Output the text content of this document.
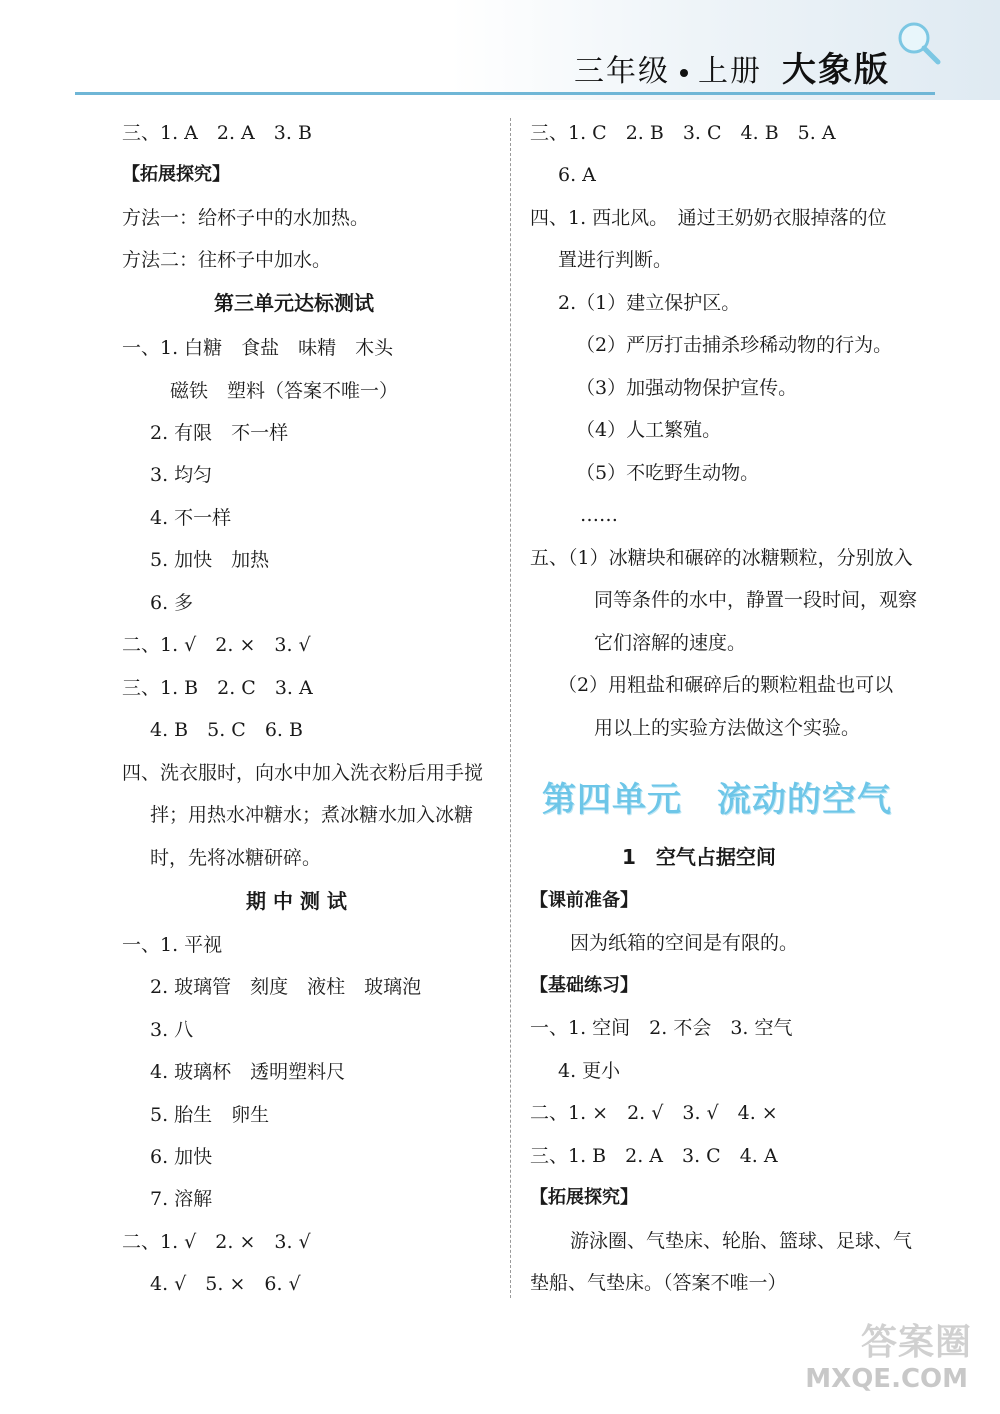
三年级 上册 大象版
三、1. A　2. A　3. B
【拓展探究】
方法一：给杯子中的水加热。
方法二：往杯子中加水。
第三单元达标测试
一、1. 白糖　食盐　味精　木头
磁铁　塑料（答案不唯一）
2. 有限　不一样
3. 均匀
4. 不一样
5. 加快　加热
6. 多
二、1. √　2. ×　3. √
三、1. B　2. C　3. A
4. B　5. C　6. B
四、洗衣服时，向水中加入洗衣粉后用手搅
拌；用热水冲糖水；煮冰糖水加入冰糖
时，先将冰糖研碎。
期 中 测 试
一、1. 平视
2. 玻璃管　刻度　液柱　玻璃泡
3. 八
4. 玻璃杯　透明塑料尺
5. 胎生　卵生
6. 加快
7. 溶解
二、1. √　2. ×　3. √
4. √　5. ×　6. √
三、1. C　2. B　3. C　4. B　5. A
6. A
四、1. 西北风。　通过王奶奶衣服掉落的位
置进行判断。
2.（1）建立保护区。
（2）严厉打击捕杀珍稀动物的行为。
（3）加强动物保护宣传。
（4）人工繁殖。
（5）不吃野生动物。
……
五、（1）冰糖块和碾碎的冰糖颗粒，分别放入
同等条件的水中，静置一段时间，观察
它们溶解的速度。
（2）用粗盐和碾碎后的颗粒粗盐也可以
用以上的实验方法做这个实验。
第四单元　流动的空气
1　空气占据空间
【课前准备】
因为纸箱的空间是有限的。
【基础练习】
一、1. 空间　2. 不会　3. 空气
4. 更小
二、1. ×　2. √　3. √　4. ×
三、1. B　2. A　3. C　4. A
【拓展探究】
游泳圈、气垫床、轮胎、篮球、足球、气
垫船、气垫床。（答案不唯一）
答案圈
MXQE.COM
